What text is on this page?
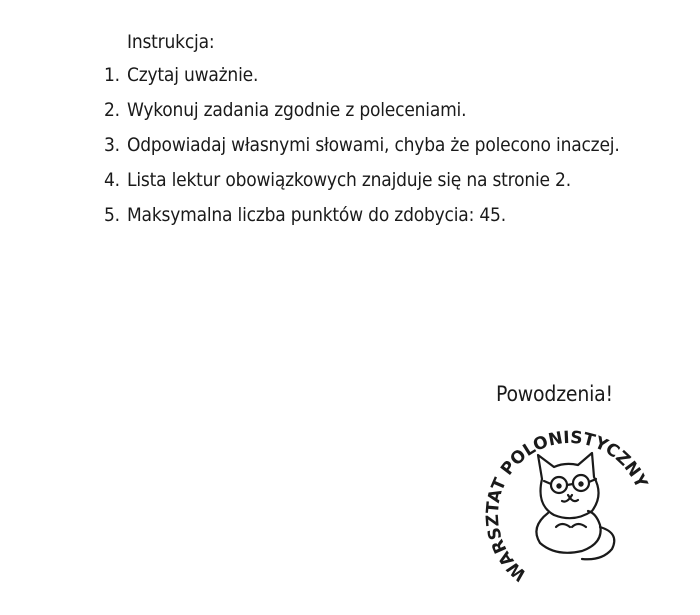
Instrukcja:
1. Czytaj uważnie.
2. Wykonuj zadania zgodnie z poleceniami.
3. Odpowiadaj własnymi słowami, chyba że polecono inaczej.
4. Lista lektur obowiązkowych znajduje się na stronie 2.
5. Maksymalna liczba punktów do zdobycia: 45.
Powodzenia!
WARSZTAT POLONISTYCZNY
